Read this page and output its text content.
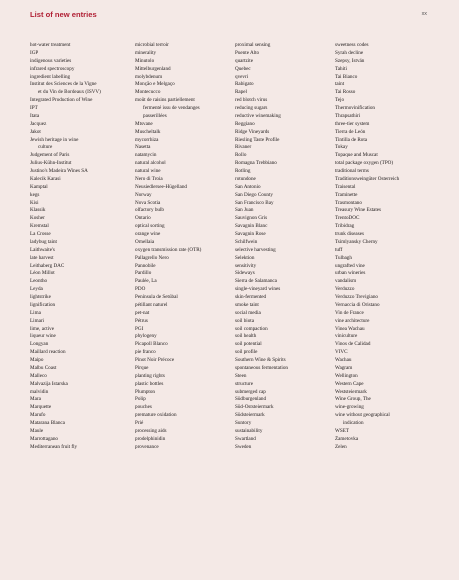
List of new entries	xx
hot-water treatment
IGP
indigenous varieties
infrared spectroscopy
ingredient labelling
Institut des Sciences de la Vigne
et du Vin de Bordeaux (ISVV)
Integrated Production of Wine
IPT
Itata
Jacquez
Jakot
Jewish heritage in wine
culture
Judgement of Paris
Julius-Kühn-Institut
Justino's Madeira Wines SA
Kalecik Karasi
Kamptal
kegs
Kisi
Klassik
Kosher
Kremstal
La Crosse
ladybug taint
Laithwaite's
late harvest
Leithaberg DAC
Léon Millot
Leontho
Leyda
lightstrike
lignification
Lima
Limari
lime, active
liqueur wine
Longyan
Maillard reaction
Maipo
Malbu Coast
Malleco
Malvazija Istarska
malvidin
Mara
Marquette
Marufo
Matarana Blanca
Maule
Marrottagano
Mediterranean fruit fly
microbial terroir
minerality
Minutolo
Mittelburgenland
molybdenum
Monção e Melgaço
Montecucco
moût de raisins partiellement
fermenté issu de vendanges
passerillées
Mtsvane
Muscheltalk
mycorrhiza
Nasetta
natamycin
natural alcohol
natural wine
Nero di Troia
Neusiedlersee-Hügelland
Norway
Nova Scotia
olfactory bulb
Ontario
optical sorting
orange wine
Ornellaia
oxygen transmission rate (OTR)
Pallagrello Nero
Pannobile
Pardillo
Paulée, La
PDO
Península de Setúbal
pétillant naturel
pet-nat
Pétrus
PGI
phylogeny
Picapoll Blanco
pie franco
Pinot Noir Précoce
Pirque
planting rights
plastic bottles
Plumpton
Polip
pouches
premature oxidation
Prié
processing aids
prodelphinidin
provenance
proximal sensing
Puente Alto
quartzite
Quebec
qvevri
Rabigato
Rapel
red blotch virus
reducing sugars
reductive winemaking
Reggiano
Ridge Vineyards
Riesling Taste Profile
Rivaner
Rollo
Romagna Trebbiano
Rotling
rotundone
San Antonio
San Diego County
San Francisco Bay
San Juan
Sauvignon Gris
Savagnin Blanc
Savagnin Rose
Schilfwein
selective harvesting
Selektion
sensitivity
Sideways
Sierra de Salamanca
single-vineyard wines
skin-fermented
smoke taint
social media
soil biota
soil compaction
soil health
soil potential
soil profile
Southern Wine & Spirits
spontaneous fermentation
Steen
structure
submerged cap
Südburgenland
Süd-Oststeiermark
Südsteiermark
Suntory
sustainability
Swartland
Sweden
sweetness codes
Syrah decline
Szepsy, István
Tahiti
Tai Bianco
taint
Tai Rosso
Tejo
Thermovinification
Thrapsathiri
three-tier system
Tierra de León
Tintilla de Rota
Tokay
Topaque and Muscat
total package oxygen (TPO)
traditional terms
Traditionsweingüter Österreich
Traisental
Traminette
Trasmontano
Treasury Wine Estates
TrentoDOC
Tribidrag
trunk diseases
Tsimlyansky Cherny
tuff
Tulbagh
ungrafted vine
urban wineries
vandalism
Verduzzo
Verduzzo Trevigiano
Vernaccia di Oristano
Vin de France
vine architecture
Vinea Wachau
viniculture
Vinos de Calidad
VIVC
Wachau
Wagram
Wellington
Western Cape
Weststeiermark
Wine Group, The
wine-growing
wine without geographical
indication
WSET
Žametovka
Zelen
